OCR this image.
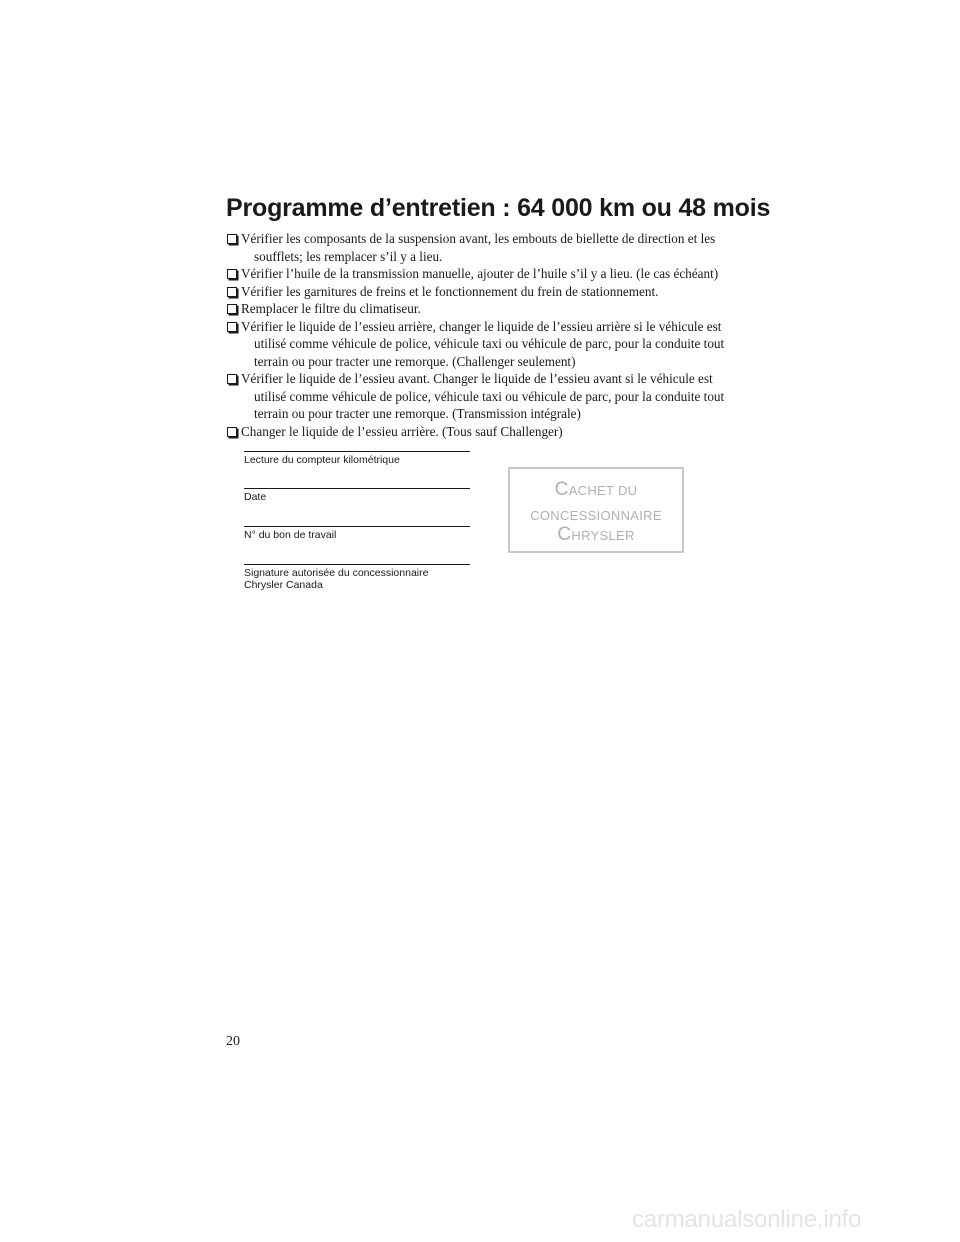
Programme d’entretien : 64 000 km ou 48 mois
Vérifier les composants de la suspension avant, les embouts de biellette de direction et les soufflets; les remplacer s’il y a lieu.
Vérifier l’huile de la transmission manuelle, ajouter de l’huile s’il y a lieu. (le cas échéant)
Vérifier les garnitures de freins et le fonctionnement du frein de stationnement.
Remplacer le filtre du climatiseur.
Vérifier le liquide de l’essieu arrière, changer le liquide de l’essieu arrière si le véhicule est utilisé comme véhicule de police, véhicule taxi ou véhicule de parc, pour la conduite tout terrain ou pour tracter une remorque. (Challenger seulement)
Vérifier le liquide de l’essieu avant. Changer le liquide de l’essieu avant si le véhicule est utilisé comme véhicule de police, véhicule taxi ou véhicule de parc, pour la conduite tout terrain ou pour tracter une remorque. (Transmission intégrale)
Changer le liquide de l’essieu arrière. (Tous sauf Challenger)
Lecture du compteur kilométrique
Date
N° du bon de travail
Signature autorisée du concessionnaire
Chrysler Canada
CACHET DU
CONCESSIONNAIRE
CHRYSLER
20
carmanualsonline.info
